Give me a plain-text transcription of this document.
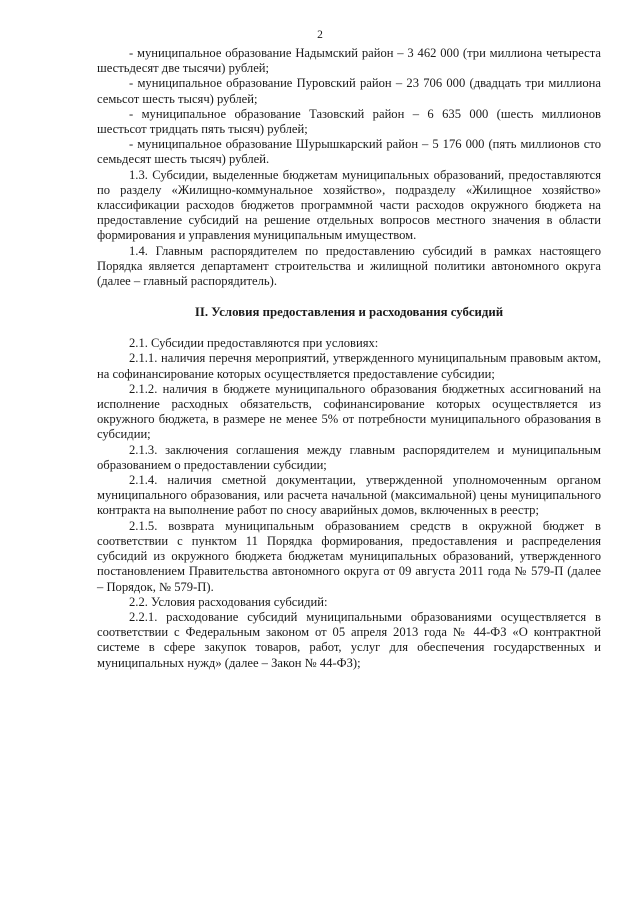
2

- муниципальное образование Надымский район – 3 462 000 (три миллиона четыреста шестьдесят две тысячи) рублей;

- муниципальное образование Пуровский район – 23 706 000 (двадцать три миллиона семьсот шесть тысяч) рублей;

- муниципальное образование Тазовский район – 6 635 000 (шесть миллионов шестьсот тридцать пять тысяч) рублей;

- муниципальное образование Шурышкарский район – 5 176 000 (пять миллионов сто семьдесят шесть тысяч) рублей.

1.3. Субсидии, выделенные бюджетам муниципальных образований, предоставляются по разделу «Жилищно-коммунальное хозяйство», подразделу «Жилищное хозяйство» классификации расходов бюджетов программной части расходов окружного бюджета на предоставление субсидий на решение отдельных вопросов местного значения в области формирования и управления муниципальным имуществом.

1.4. Главным распорядителем по предоставлению субсидий в рамках настоящего Порядка является департамент строительства и жилищной политики автономного округа (далее – главный распорядитель).

II. Условия предоставления и расходования субсидий

2.1. Субсидии предоставляются при условиях:

2.1.1. наличия перечня мероприятий, утвержденного муниципальным правовым актом, на софинансирование которых осуществляется предоставление субсидии;

2.1.2. наличия в бюджете муниципального образования бюджетных ассигнований на исполнение расходных обязательств, софинансирование которых осуществляется из окружного бюджета, в размере не менее 5% от потребности муниципального образования в субсидии;

2.1.3. заключения соглашения между главным распорядителем и муниципальным образованием о предоставлении субсидии;

2.1.4. наличия сметной документации, утвержденной уполномоченным органом муниципального образования, или расчета начальной (максимальной) цены муниципального контракта на выполнение работ по сносу аварийных домов, включенных в реестр;

2.1.5. возврата муниципальным образованием средств в окружной бюджет в соответствии с пунктом 11 Порядка формирования, предоставления и распределения субсидий из окружного бюджета бюджетам муниципальных образований, утвержденного постановлением Правительства автономного округа от 09 августа 2011 года № 579-П (далее – Порядок, № 579-П).

2.2. Условия расходования субсидий:

2.2.1. расходование субсидий муниципальными образованиями осуществляется в соответствии с Федеральным законом от 05 апреля 2013 года № 44-ФЗ «О контрактной системе в сфере закупок товаров, работ, услуг для обеспечения государственных и муниципальных нужд» (далее – Закон № 44-ФЗ);
